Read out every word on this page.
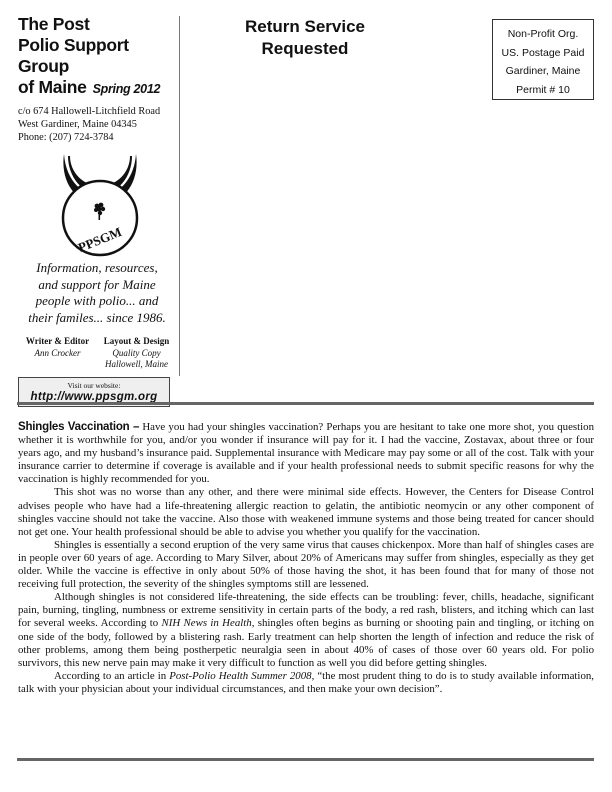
The Post
Polio Support Group
of Maine Spring 2012
c/o 674 Hallowell-Litchfield Road
West Gardiner, Maine 04345
Phone: (207) 724-3784
PPSGM
Information, resources,
and support for Maine
people with polio... and
their familes... since 1986.
Writer & Editor
Ann Crocker
Layout & Design
Quality Copy
Hallowell, Maine
Visit our website:
http://www.ppsgm.org
Return Service
Requested
Non-Profit Org.
US. Postage Paid
Gardiner, Maine
Permit # 10

Shingles Vaccination – Have you had your shingles vaccination? Perhaps you are hesitant to take one more shot, you question whether it is worthwhile for you, and/or you wonder if insurance will pay for it. I had the vaccine, Zostavax, about three or four years ago, and my husband’s insurance paid. Supplemental insurance with Medicare may pay some or all of the cost. Talk with your insurance carrier to determine if coverage is available and if your health professional needs to submit specific reasons for why the vaccination is highly recommended for you.

This shot was no worse than any other, and there were minimal side effects. However, the Centers for Disease Control advises people who have had a life-threatening allergic reaction to gelatin, the antibiotic neomycin or any other component of shingles vaccine should not take the vaccine. Also those with weakened immune systems and those being treated for cancer should not get one. Your health professional should be able to advise you whether you qualify for the vaccination.

Shingles is essentially a second eruption of the very same virus that causes chickenpox. More than half of shingles cases are in people over 60 years of age. According to Mary Silver, about 20% of Americans may suffer from shingles, especially as they get older. While the vaccine is effective in only about 50% of those having the shot, it has been found that for many of those not receiving full protection, the severity of the shingles symptoms still are lessened.

Although shingles is not considered life-threatening, the side effects can be troubling: fever, chills, headache, significant pain, burning, tingling, numbness or extreme sensitivity in certain parts of the body, a red rash, blisters, and itching which can last for several weeks. According to NIH News in Health, shingles often begins as burning or shooting pain and tingling, or itching on one side of the body, followed by a blistering rash. Early treatment can help shorten the length of infection and reduce the risk of other problems, among them being postherpetic neuralgia seen in about 40% of cases of those over 60 years old. For polio survivors, this new nerve pain may make it very difficult to function as well you did before getting shingles.

According to an article in Post-Polio Health Summer 2008, “the most prudent thing to do is to study available information, talk with your physician about your individual circumstances, and then make your own decision”.
